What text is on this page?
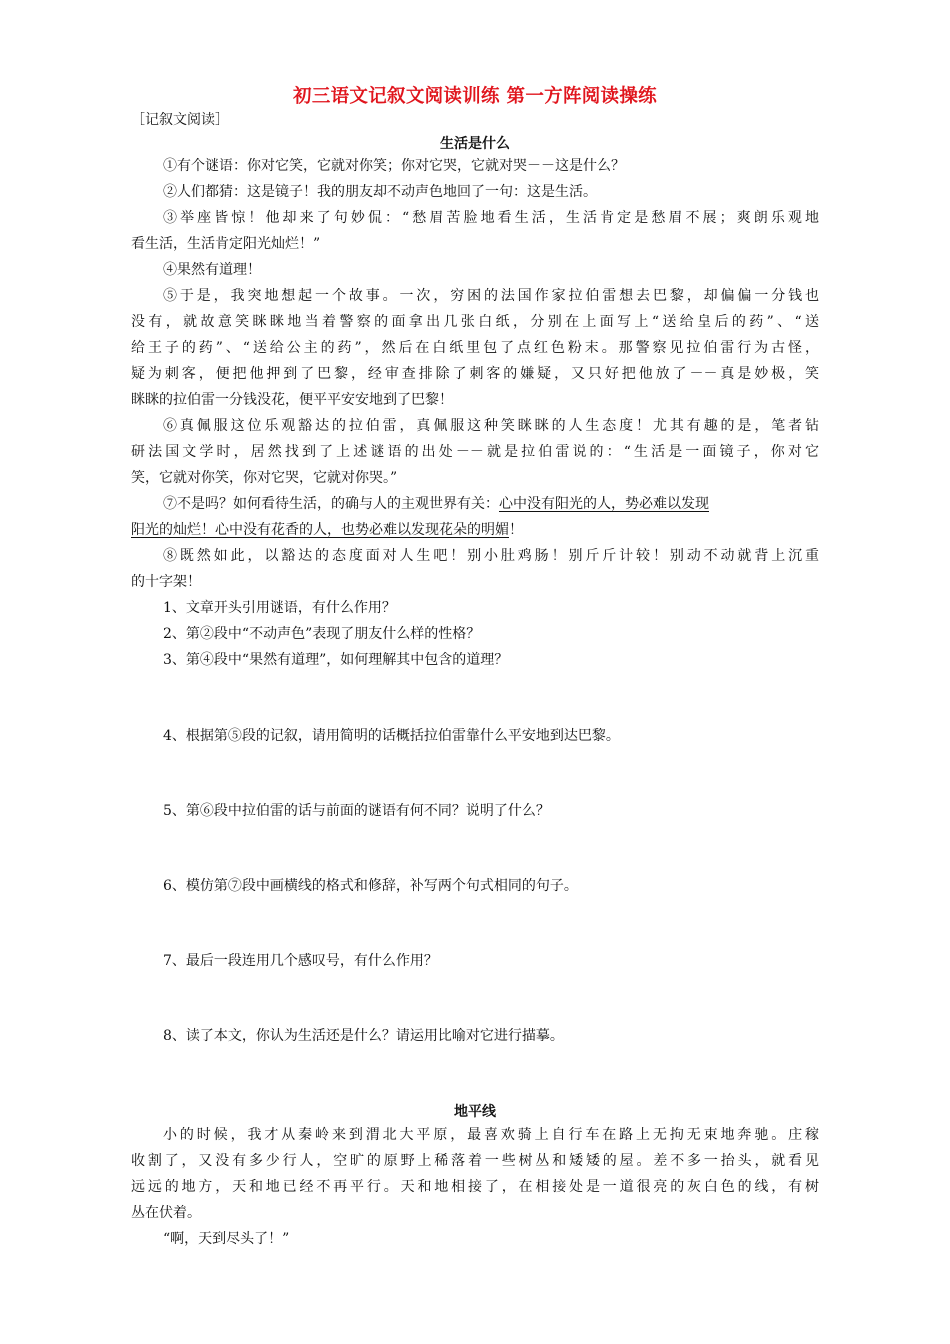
初三语文记叙文阅读训练 第一方阵阅读操练
［记叙文阅读］
生活是什么
①有个谜语：你对它笑，它就对你笑；你对它哭，它就对哭－－这是什么？
②人们都猜：这是镜子！我的朋友却不动声色地回了一句：这是生活。
③举座皆惊！他却来了句妙侃：“愁眉苦脸地看生活，生活肯定是愁眉不展；爽朗乐观地
看生活，生活肯定阳光灿烂！”
④果然有道理！
⑤于是，我突地想起一个故事。一次，穷困的法国作家拉伯雷想去巴黎，却偏偏一分钱也
没有，就故意笑眯眯地当着警察的面拿出几张白纸，分别在上面写上“送给皇后的药”、“送
给王子的药”、“送给公主的药”，然后在白纸里包了点红色粉末。那警察见拉伯雷行为古怪，
疑为刺客，便把他押到了巴黎，经审查排除了刺客的嫌疑，又只好把他放了－－真是妙极，笑
眯眯的拉伯雷一分钱没花，便平平安安地到了巴黎！
⑥真佩服这位乐观豁达的拉伯雷，真佩服这种笑眯眯的人生态度！尤其有趣的是，笔者钻
研法国文学时，居然找到了上述谜语的出处－－就是拉伯雷说的：“生活是一面镜子，你对它
笑，它就对你笑，你对它哭，它就对你哭。”
⑦不是吗？如何看待生活，的确与人的主观世界有关：心中没有阳光的人，势必难以发现
阳光的灿烂！心中没有花香的人，也势必难以发现花朵的明媚！
⑧既然如此，以豁达的态度面对人生吧！别小肚鸡肠！别斤斤计较！别动不动就背上沉重
的十字架！
1、文章开头引用谜语，有什么作用？
2、第②段中“不动声色”表现了朋友什么样的性格？
3、第④段中“果然有道理”，如何理解其中包含的道理？
4、根据第⑤段的记叙，请用简明的话概括拉伯雷靠什么平安地到达巴黎。
5、第⑥段中拉伯雷的话与前面的谜语有何不同？说明了什么？
6、模仿第⑦段中画横线的格式和修辞，补写两个句式相同的句子。
7、最后一段连用几个感叹号，有什么作用？
8、读了本文，你认为生活还是什么？请运用比喻对它进行描摹。
地平线
小的时候，我才从秦岭来到渭北大平原，最喜欢骑上自行车在路上无拘无束地奔驰。庄稼
收割了，又没有多少行人，空旷的原野上稀落着一些树丛和矮矮的屋。差不多一抬头，就看见
远远的地方，天和地已经不再平行。天和地相接了，在相接处是一道很亮的灰白色的线，有树
丛在伏着。
“啊，天到尽头了！”
